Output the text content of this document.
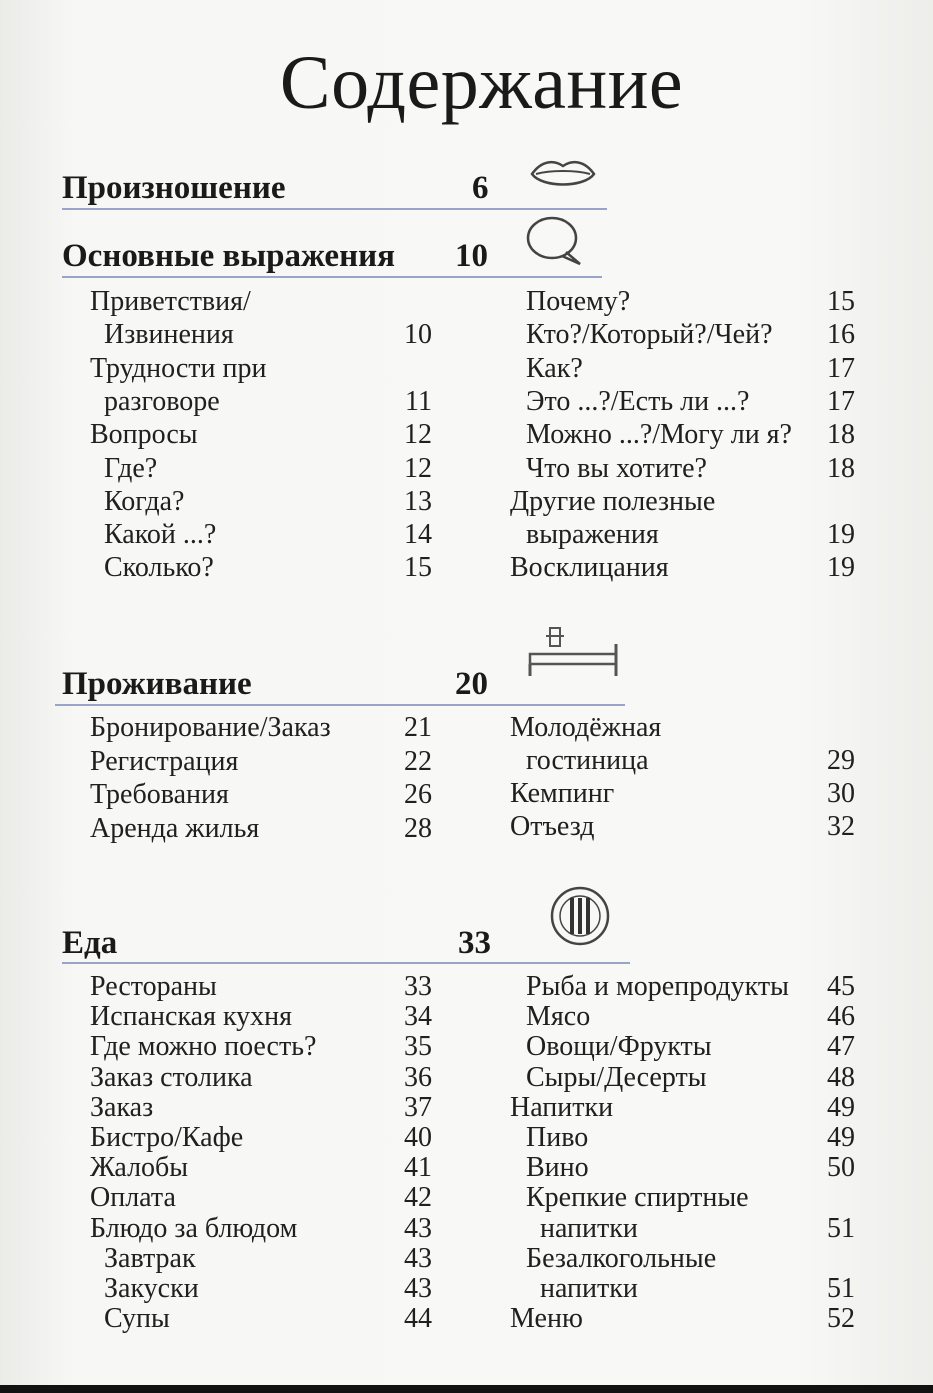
Содержание
Произношение	6
Основные выражения 10
Приветствия/
Извинения	10
Трудности при
разговоре	11
Вопросы	12
Где?	12
Когда?	13
Какой ...?	14
Сколько?	15
Почему?	15
Кто?/Который?/Чей?	16
Как?	17
Это ...?/Есть ли ...?	17
Можно ...?/Могу ли я?	18
Что вы хотите?	18
Другие полезные
выражения	19
Восклицания	19
Проживание	20
Бронирование/Заказ	21
Регистрация	22
Требования	26
Аренда жилья	28
Молодёжная
гостиница	29
Кемпинг	30
Отъезд	32
Еда	33
Рестораны	33
Испанская кухня	34
Где можно поесть?	35
Заказ столика	36
Заказ	37
Бистро/Кафе	40
Жалобы	41
Оплата	42
Блюдо за блюдом	43
Завтрак	43
Закуски	43
Супы	44
Рыба и морепродукты	45
Мясо	46
Овощи/Фрукты	47
Сыры/Десерты	48
Напитки	49
Пиво	49
Вино	50
Крепкие спиртные
напитки	51
Безалкогольные
напитки	51
Меню	52
